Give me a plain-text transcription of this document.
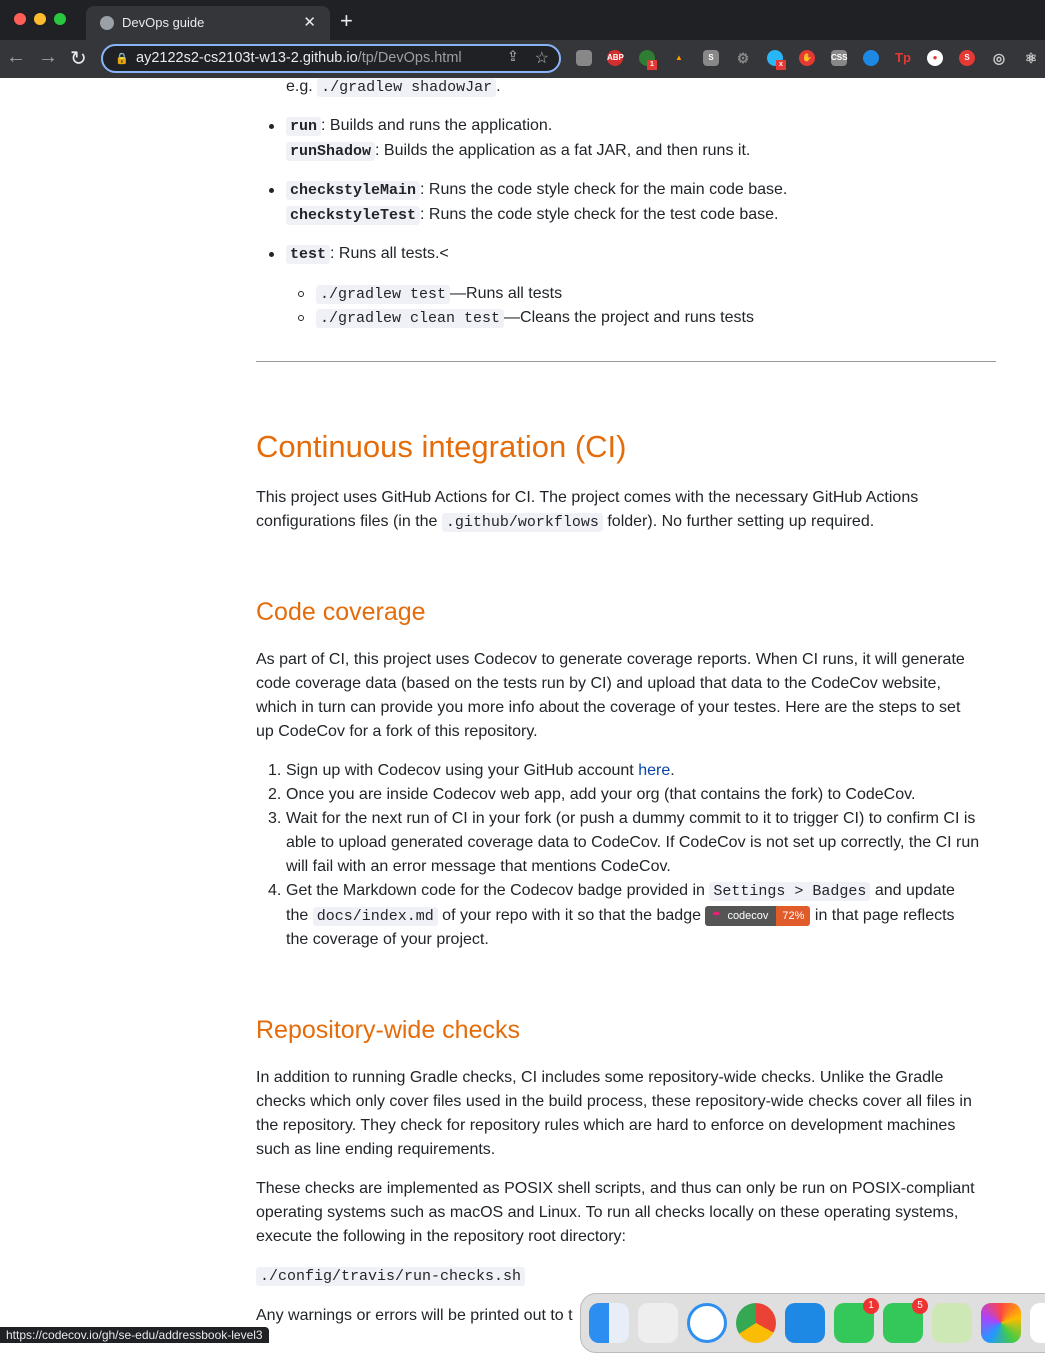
DevOps guide	✕ +
← → ↻	🔒 ay2122s2-cs2103t-w13-2.github.io/tp/DevOps.html	⇪ ☆	ABP
1
▲	S	⚙	x
✋	CSS	Tp	●	S	◎ ⚛
e.g. ./gradlew shadowJar .
run : Builds and runs the application.
runShadow : Builds the application as a fat JAR, and then runs it.
checkstyleMain : Runs the code style check for the main code base.
checkstyleTest : Runs the code style check for the test code base.
test : Runs all tests.<
./gradlew test —Runs all tests
./gradlew clean test —Cleans the project and runs tests
Continuous integration (CI)
This project uses GitHub Actions for CI. The project comes with the necessary GitHub Actions
configurations files (in the .github/workflows folder). No further setting up required.
Code coverage
As part of CI, this project uses Codecov to generate coverage reports. When CI runs, it will generate
code coverage data (based on the tests run by CI) and upload that data to the CodeCov website,
which in turn can provide you more info about the coverage of your testes. Here are the steps to set
up CodeCov for a fork of this repository.
1. Sign up with Codecov using your GitHub account here.
2. Once you are inside Codecov web app, add your org (that contains the fork) to CodeCov.
3. Wait for the next run of CI in your fork (or push a dummy commit to it to trigger CI) to confirm CI is
able to upload generated coverage data to CodeCov. If CodeCov is not set up correctly, the CI run
will fail with an error message that mentions CodeCov.
4. Get the Markdown code for the Codecov badge provided in Settings > Badges and update
the docs/index.md of your repo with it so that the badge ☂ codecov 72% in that page reflects
the coverage of your project.
Repository-wide checks
In addition to running Gradle checks, CI includes some repository-wide checks. Unlike the Gradle
checks which only cover files used in the build process, these repository-wide checks cover all files in
the repository. They check for repository rules which are hard to enforce on development machines
such as line ending requirements.
These checks are implemented as POSIX shell scripts, and thus can only be run on POSIX-compliant
operating systems such as macOS and Linux. To run all checks locally on these operating systems,
execute the following in the repository root directory:
./config/travis/run-checks.sh
Any warnings or errors will be printed out to t
https://codecov.io/gh/se-edu/addressbook-level3
1	5
